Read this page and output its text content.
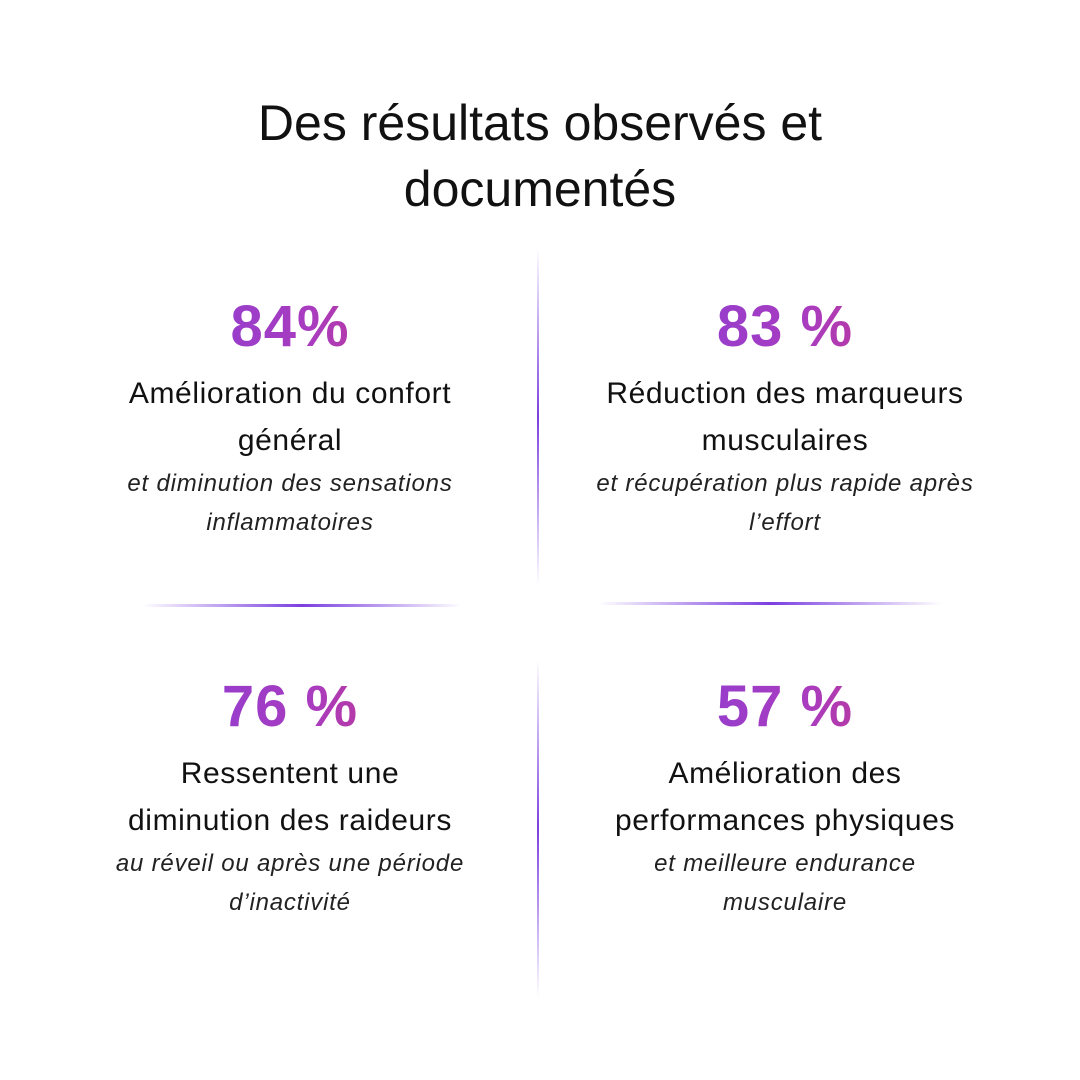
Des résultats observés et
documentés
84%
Amélioration du confort
général
et diminution des sensations
inflammatoires
83 %
Réduction des marqueurs
musculaires
et récupération plus rapide après
l’effort
76 %
Ressentent une
diminution des raideurs
au réveil ou après une période
d’inactivité
57 %
Amélioration des
performances physiques
et meilleure endurance
musculaire
